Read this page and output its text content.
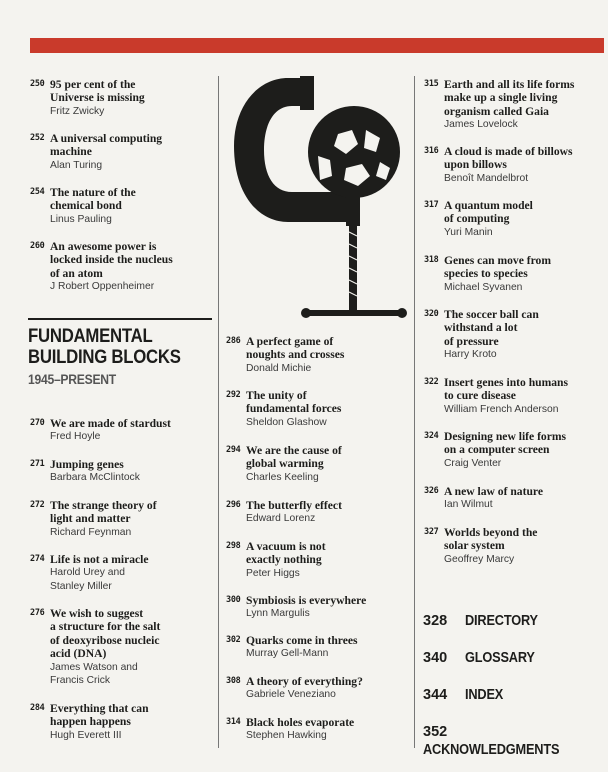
250 95 per cent of the
Universe is missing
Fritz Zwicky
252 A universal computing
machine
Alan Turing
254 The nature of the
chemical bond
Linus Pauling
260 An awesome power is
locked inside the nucleus
of an atom
J Robert Oppenheimer
FUNDAMENTAL
BUILDING BLOCKS
1945–PRESENT
270 We are made of stardust
Fred Hoyle
271 Jumping genes
Barbara McClintock
272 The strange theory of
light and matter
Richard Feynman
274 Life is not a miracle
Harold Urey and
Stanley Miller
276 We wish to suggest
a structure for the salt
of deoxyribose nucleic
acid (DNA)
James Watson and
Francis Crick
284 Everything that can
happen happens
Hugh Everett III
286 A perfect game of
noughts and crosses
Donald Michie
292 The unity of
fundamental forces
Sheldon Glashow
294 We are the cause of
global warming
Charles Keeling
296 The butterfly effect
Edward Lorenz
298 A vacuum is not
exactly nothing
Peter Higgs
300 Symbiosis is everywhere
Lynn Margulis
302 Quarks come in threes
Murray Gell-Mann
308 A theory of everything?
Gabriele Veneziano
314 Black holes evaporate
Stephen Hawking
315 Earth and all its life forms
make up a single living
organism called Gaia
James Lovelock
316 A cloud is made of billows
upon billows
Benoît Mandelbrot
317 A quantum model
of computing
Yuri Manin
318 Genes can move from
species to species
Michael Syvanen
320 The soccer ball can
withstand a lot
of pressure
Harry Kroto
322 Insert genes into humans
to cure disease
William French Anderson
324 Designing new life forms
on a computer screen
Craig Venter
326 A new law of nature
Ian Wilmut
327 Worlds beyond the
solar system
Geoffrey Marcy
328 DIRECTORY
340 GLOSSARY
344 INDEX
352ACKNOWLEDGMENTS
